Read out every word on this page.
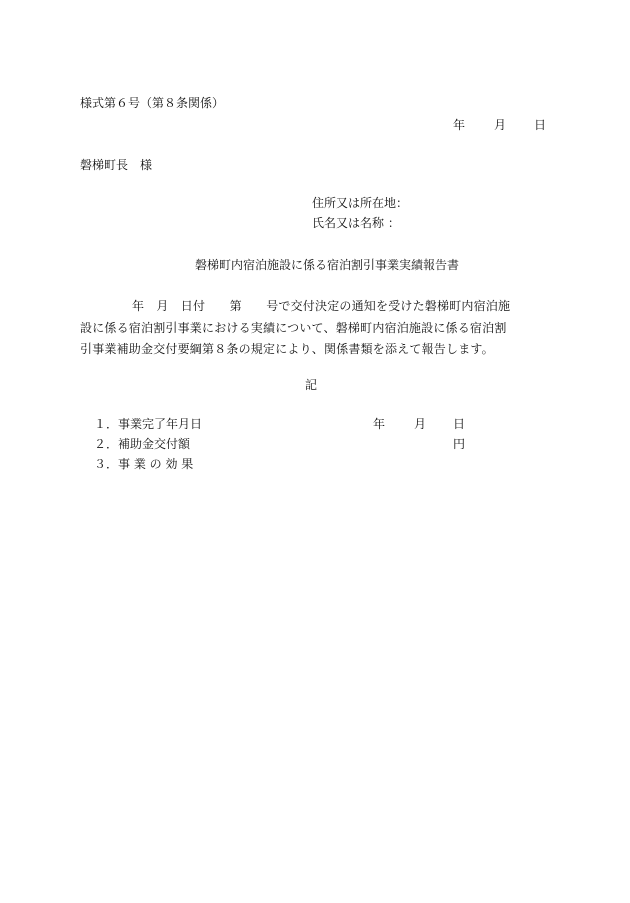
様式第６号（第８条関係）
年 月 日
磐梯町長　様
住所又は所在地：
氏名又は名称 ：
磐梯町内宿泊施設に係る宿泊割引事業実績報告書

年　月　日付　　第　　号で交付決定の通知を受けた磐梯町内宿泊施

設に係る宿泊割引事業における実績について、磐梯町内宿泊施設に係る宿泊割

引事業補助金交付要綱第８条の規定により、関係書類を添えて報告します。

記
１．事業完了年月日	年 月 日
２．補助金交付額	円
３．事 業 の 効 果
